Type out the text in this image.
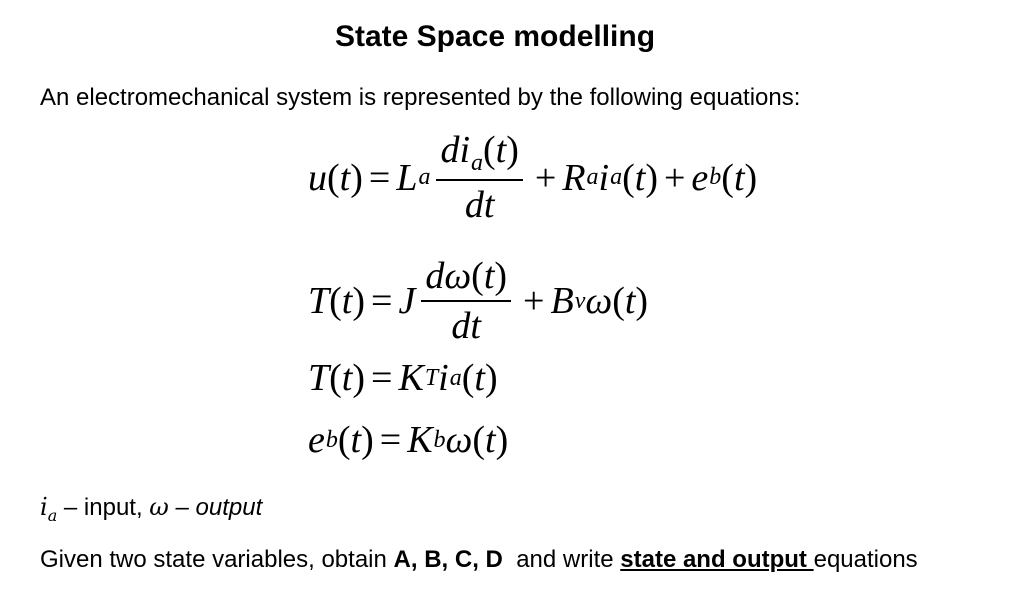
State Space modelling
An electromechanical system is represented by the following equations:
u ( t ) = L a $\frac{di_a(t)}{dt} + R$ a i a ( t ) + e b ( t )
T ( t ) = J $\frac{d\omega(t)}{dt} + B$ v ω ( t )
T ( t ) = K T i a ( t )
e b ( t ) = K b ω ( t )
$i_a$ – input, ω – output
Given two state variables, obtain A, B, C, D  and write state and output equations
